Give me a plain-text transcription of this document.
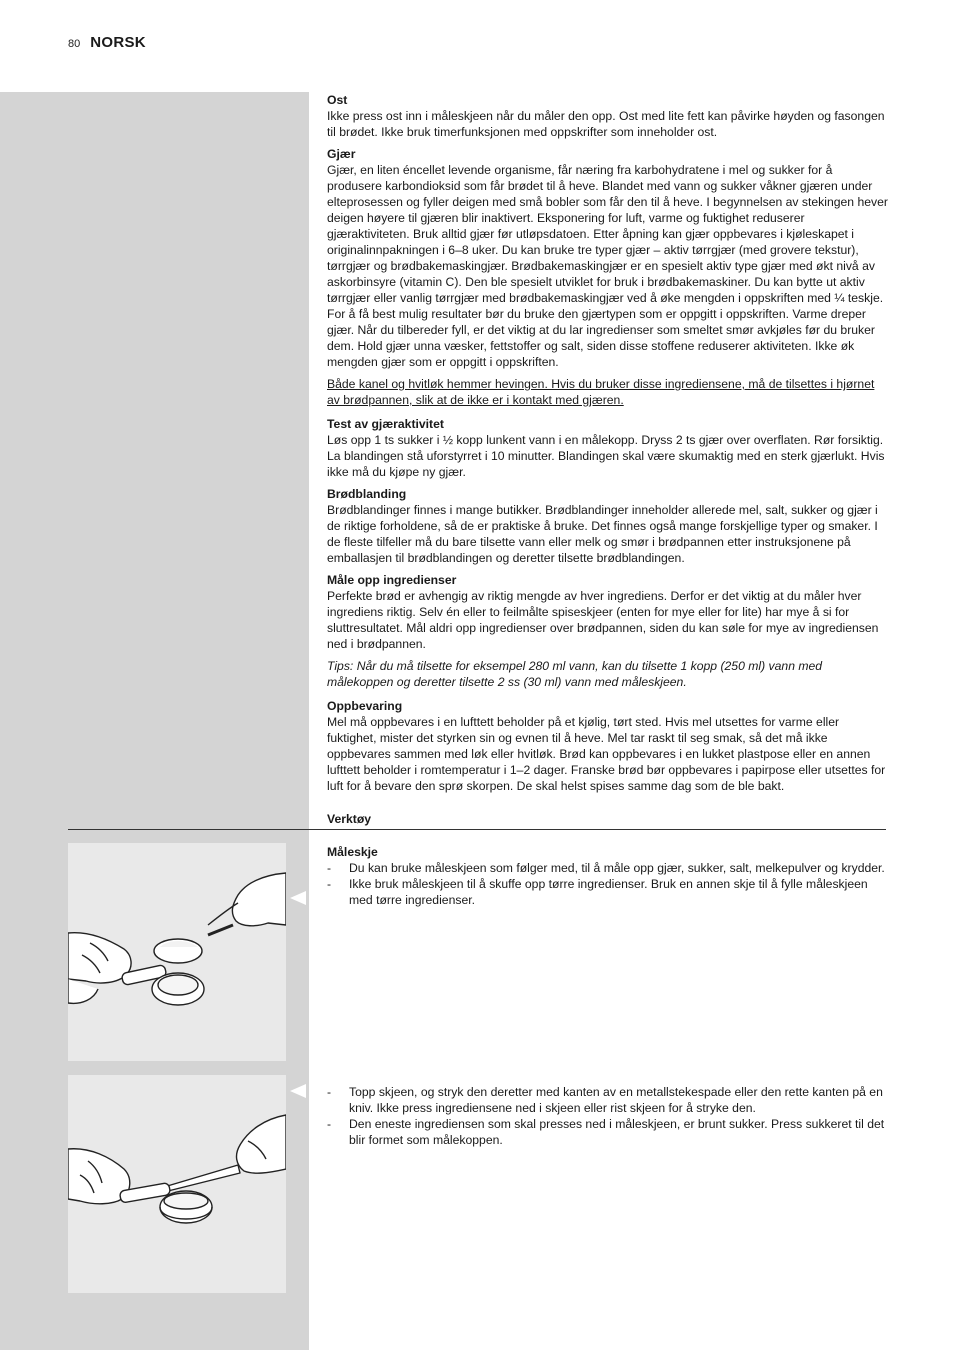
80 NORSK
Ost

Ikke press ost inn i måleskjeen når du måler den opp. Ost med lite fett kan påvirke høyden og fasongen til brødet. Ikke bruk timerfunksjonen med oppskrifter som inneholder ost.

Gjær

Gjær, en liten éncellet levende organisme, får næring fra karbohydratene i mel og sukker for å produsere karbondioksid som får brødet til å heve. Blandet med vann og sukker våkner gjæren under elteprosessen og fyller deigen med små bobler som får den til å heve. I begynnelsen av stekingen hever deigen høyere til gjæren blir inaktivert. Eksponering for luft, varme og fuktighet reduserer gjæraktiviteten. Bruk alltid gjær før utløpsdatoen. Etter åpning kan gjær oppbevares i kjøleskapet i originalinnpakningen i 6–8 uker. Du kan bruke tre typer gjær – aktiv tørrgjær (med grovere tekstur), tørrgjær og brødbakemaskingjær. Brødbakemaskingjær er en spesielt aktiv type gjær med økt nivå av askorbinsyre (vitamin C). Den ble spesielt utviklet for bruk i brødbakemaskiner. Du kan bytte ut aktiv tørrgjær eller vanlig tørrgjær med brødbakemaskingjær ved å øke mengden i oppskriften med ¼ teskje. For å få best mulig resultater bør du bruke den gjærtypen som er oppgitt i oppskriften. Varme dreper gjær. Når du tilbereder fyll, er det viktig at du lar ingredienser som smeltet smør avkjøles før du bruker dem. Hold gjær unna væsker, fettstoffer og salt, siden disse stoffene reduserer aktiviteten. Ikke øk mengden gjær som er oppgitt i oppskriften.

Både kanel og hvitløk hemmer hevingen. Hvis du bruker disse ingrediensene, må de tilsettes i hjørnet av brødpannen, slik at de ikke er i kontakt med gjæren.

Test av gjæraktivitet

Løs opp 1 ts sukker i ½ kopp lunkent vann i en målekopp. Dryss 2 ts gjær over overflaten. Rør forsiktig. La blandingen stå uforstyrret i 10 minutter. Blandingen skal være skumaktig med en sterk gjærlukt. Hvis ikke må du kjøpe ny gjær.

Brødblanding

Brødblandinger finnes i mange butikker. Brødblandinger inneholder allerede mel, salt, sukker og gjær i de riktige forholdene, så de er praktiske å bruke. Det finnes også mange forskjellige typer og smaker. I de fleste tilfeller må du bare tilsette vann eller melk og smør i brødpannen etter instruksjonene på emballasjen til brødblandingen og deretter tilsette brødblandingen.

Måle opp ingredienser

Perfekte brød er avhengig av riktig mengde av hver ingrediens. Derfor er det viktig at du måler hver ingrediens riktig. Selv én eller to feilmålte spiseskjeer (enten for mye eller for lite) har mye å si for sluttresultatet. Mål aldri opp ingredienser over brødpannen, siden du kan søle for mye av ingrediensen ned i brødpannen.

Tips: Når du må tilsette for eksempel 280 ml vann, kan du tilsette 1 kopp (250 ml) vann med målekoppen og deretter tilsette 2 ss (30 ml) vann med måleskjeen.

Oppbevaring

Mel må oppbevares i en lufttett beholder på et kjølig, tørt sted. Hvis mel utsettes for varme eller fuktighet, mister det styrken sin og evnen til å heve. Mel tar raskt til seg smak, så det må ikke oppbevares sammen med løk eller hvitløk. Brød kan oppbevares i en lukket plastpose eller en annen lufttett beholder i romtemperatur i 1–2 dager. Franske brød bør oppbevares i papirpose eller utsettes for luft for å bevare den sprø skorpen. De skal helst spises samme dag som de ble bakt.

Verktøy
Måleskje
-	Du kan bruke måleskjeen som følger med, til å måle opp gjær, sukker, salt, melkepulver og krydder.
-	Ikke bruk måleskjeen til å skuffe opp tørre ingredienser. Bruk en annen skje til å fylle måleskjeen med tørre ingredienser.
-	Topp skjeen, og stryk den deretter med kanten av en metallstekespade eller den rette kanten på en kniv. Ikke press ingrediensene ned i skjeen eller rist skjeen for å stryke den.
-	Den eneste ingrediensen som skal presses ned i måleskjeen, er brunt sukker. Press sukkeret til det blir formet som målekoppen.
